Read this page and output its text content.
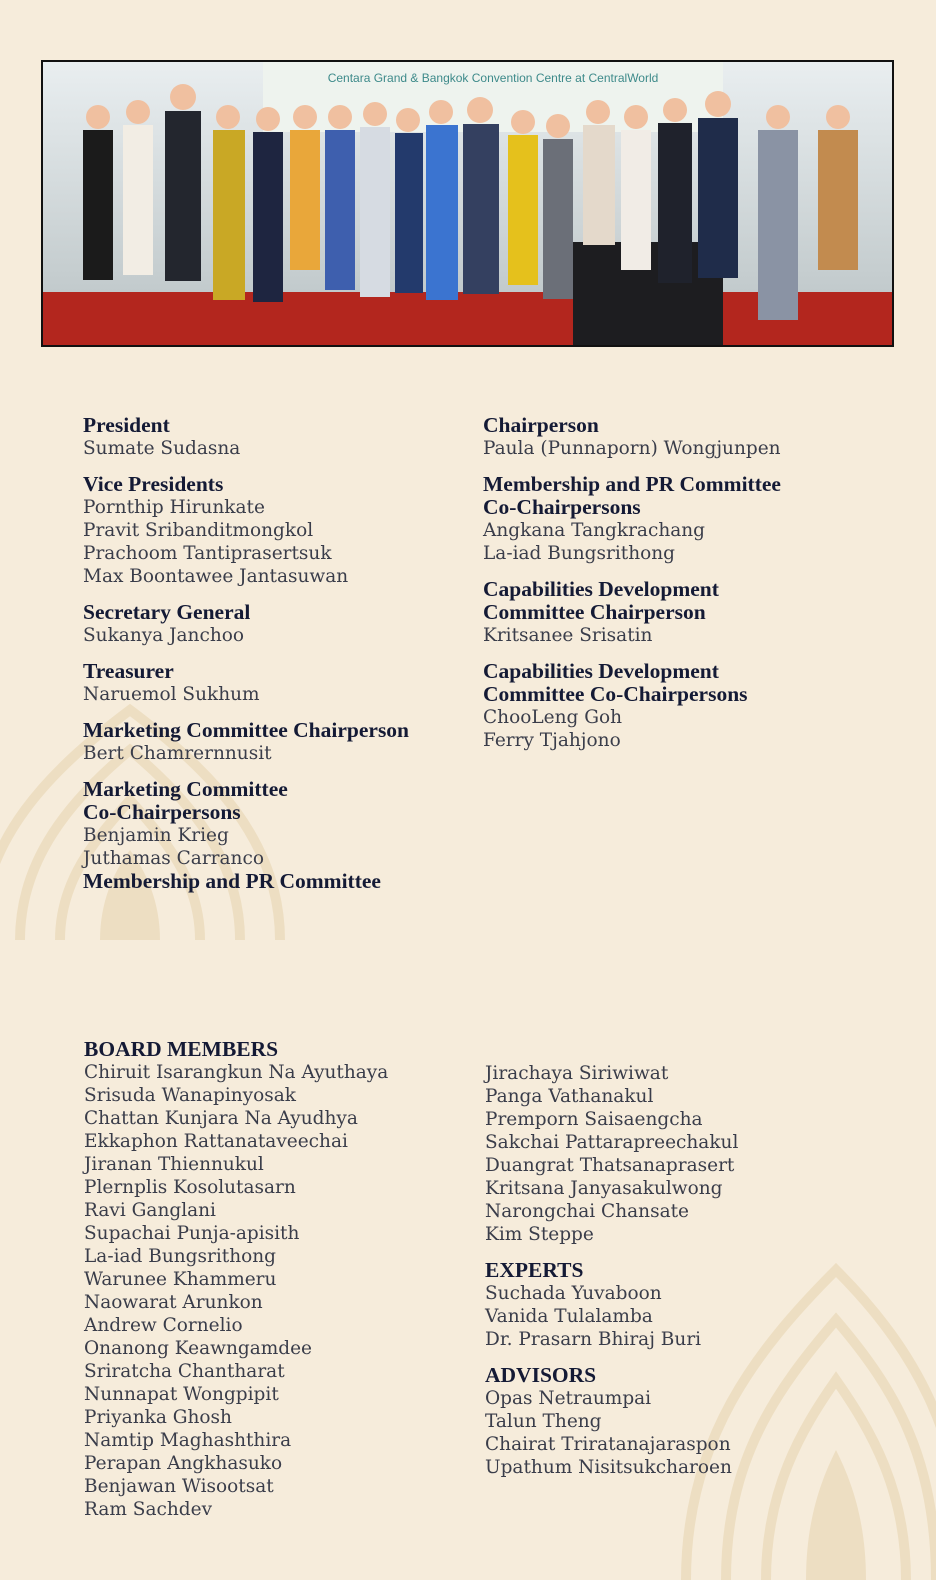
Centara Grand & Bangkok Convention Centre at CentralWorld
President
Sumate Sudasna
Vice Presidents
Pornthip Hirunkate
Pravit Sribanditmongkol
Prachoom Tantiprasertsuk
Max Boontawee Jantasuwan
Secretary General
Sukanya Janchoo
Treasurer
Naruemol Sukhum
Marketing Committee Chairperson
Bert Chamrernnusit
Marketing Committee
Co-Chairpersons
Benjamin Krieg
Juthamas Carranco
Membership and PR Committee
Chairperson
Paula (Punnaporn) Wongjunpen
Membership and PR Committee
Co-Chairpersons
Angkana Tangkrachang
La-iad Bungsrithong
Capabilities Development
Committee Chairperson
Kritsanee Srisatin
Capabilities Development
Committee Co-Chairpersons
ChooLeng Goh
Ferry Tjahjono
BOARD MEMBERS
Chiruit Isarangkun Na Ayuthaya
Srisuda Wanapinyosak
Chattan Kunjara Na Ayudhya
Ekkaphon Rattanataveechai
Jiranan Thiennukul
Plernplis Kosolutasarn
Ravi Ganglani
Supachai Punja-apisith
La-iad Bungsrithong
Warunee Khammeru
Naowarat Arunkon
Andrew Cornelio
Onanong Keawngamdee
Sriratcha Chantharat
Nunnapat Wongpipit
Priyanka Ghosh
Namtip Maghashthira
Perapan Angkhasuko
Benjawan Wisootsat
Ram Sachdev
Jirachaya Siriwiwat
Panga Vathanakul
Premporn Saisaengcha
Sakchai Pattarapreechakul
Duangrat Thatsanaprasert
Kritsana Janyasakulwong
Narongchai Chansate
Kim Steppe
EXPERTS
Suchada Yuvaboon
Vanida Tulalamba
Dr. Prasarn Bhiraj Buri
ADVISORS
Opas Netraumpai
Talun Theng
Chairat Triratanajaraspon
Upathum Nisitsukcharoen
